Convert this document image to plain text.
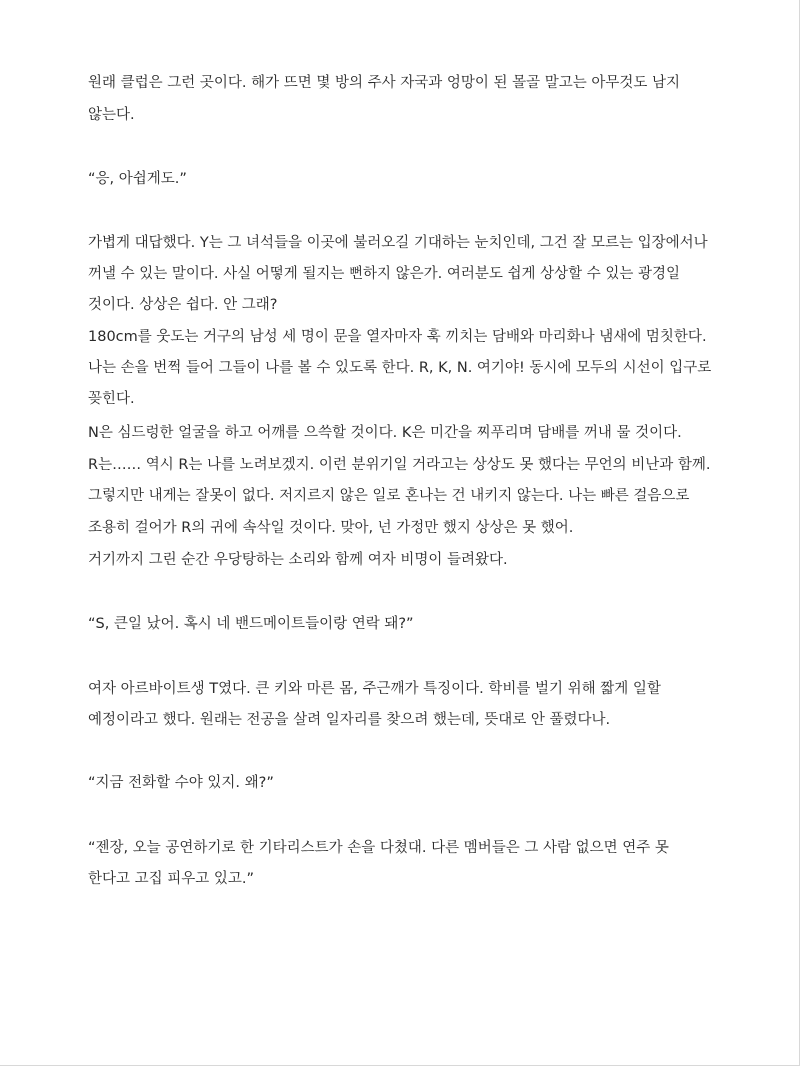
원래 클럽은 그런 곳이다. 해가 뜨면 몇 방의 주사 자국과 엉망이 된 몰골 말고는 아무것도 남지
않는다.
“응, 아쉽게도.”
가볍게 대답했다. Y는 그 녀석들을 이곳에 불러오길 기대하는 눈치인데, 그건 잘 모르는 입장에서나
꺼낼 수 있는 말이다. 사실 어떻게 될지는 뻔하지 않은가. 여러분도 쉽게 상상할 수 있는 광경일
것이다. 상상은 쉽다. 안 그래?
180cm를 웃도는 거구의 남성 세 명이 문을 열자마자 훅 끼치는 담배와 마리화나 냄새에 멈칫한다.
나는 손을 번쩍 들어 그들이 나를 볼 수 있도록 한다. R, K, N. 여기야! 동시에 모두의 시선이 입구로
꽂힌다.
N은 심드렁한 얼굴을 하고 어깨를 으쓱할 것이다. K은 미간을 찌푸리며 담배를 꺼내 물 것이다.
R는…… 역시 R는 나를 노려보겠지. 이런 분위기일 거라고는 상상도 못 했다는 무언의 비난과 함께.
그렇지만 내게는 잘못이 없다. 저지르지 않은 일로 혼나는 건 내키지 않는다. 나는 빠른 걸음으로
조용히 걸어가 R의 귀에 속삭일 것이다. 맞아, 넌 가정만 했지 상상은 못 했어.
거기까지 그린 순간 우당탕하는 소리와 함께 여자 비명이 들려왔다.
“S, 큰일 났어. 혹시 네 밴드메이트들이랑 연락 돼?”
여자 아르바이트생 T였다. 큰 키와 마른 몸, 주근깨가 특징이다. 학비를 벌기 위해 짧게 일할
예정이라고 했다. 원래는 전공을 살려 일자리를 찾으려 했는데, 뜻대로 안 풀렸다나.
“지금 전화할 수야 있지. 왜?”
“젠장, 오늘 공연하기로 한 기타리스트가 손을 다쳤대. 다른 멤버들은 그 사람 없으면 연주 못
한다고 고집 피우고 있고.”
